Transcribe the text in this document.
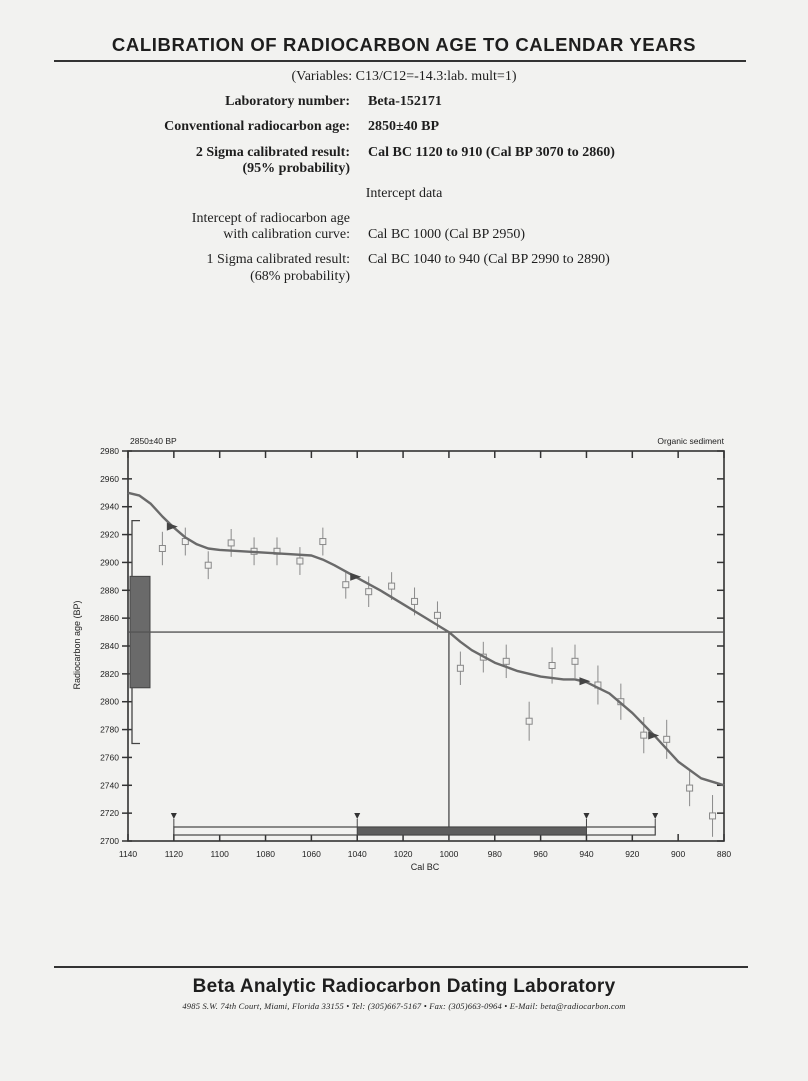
CALIBRATION OF RADIOCARBON AGE TO CALENDAR YEARS
(Variables: C13/C12=-14.3:lab. mult=1)
Laboratory number: Beta-152171
Conventional radiocarbon age: 2850±40 BP
2 Sigma calibrated result:
(95% probability)
Cal BC 1120 to 910 (Cal BP 3070 to 2860)
Intercept data
Intercept of radiocarbon age
with calibration curve: Cal BC 1000 (Cal BP 2950)
1 Sigma calibrated result:
(68% probability)
Cal BC 1040 to 940 (Cal BP 2990 to 2890)
2850±40 BP	Organic sediment
Cal BC
Radiocarbon age (BP)
1140	1120	1100	1080	1060	1040	1020	1000	980	960	940	920	900	880
2700
2720
2740
2760
2780
2800
2820
2840
2860
2880
2900
2920
2940
2960
2980
Beta Analytic Radiocarbon Dating Laboratory
4985 S.W. 74th Court, Miami, Florida 33155 • Tel: (305)667-5167 • Fax: (305)663-0964 • E-Mail: beta@radiocarbon.com
